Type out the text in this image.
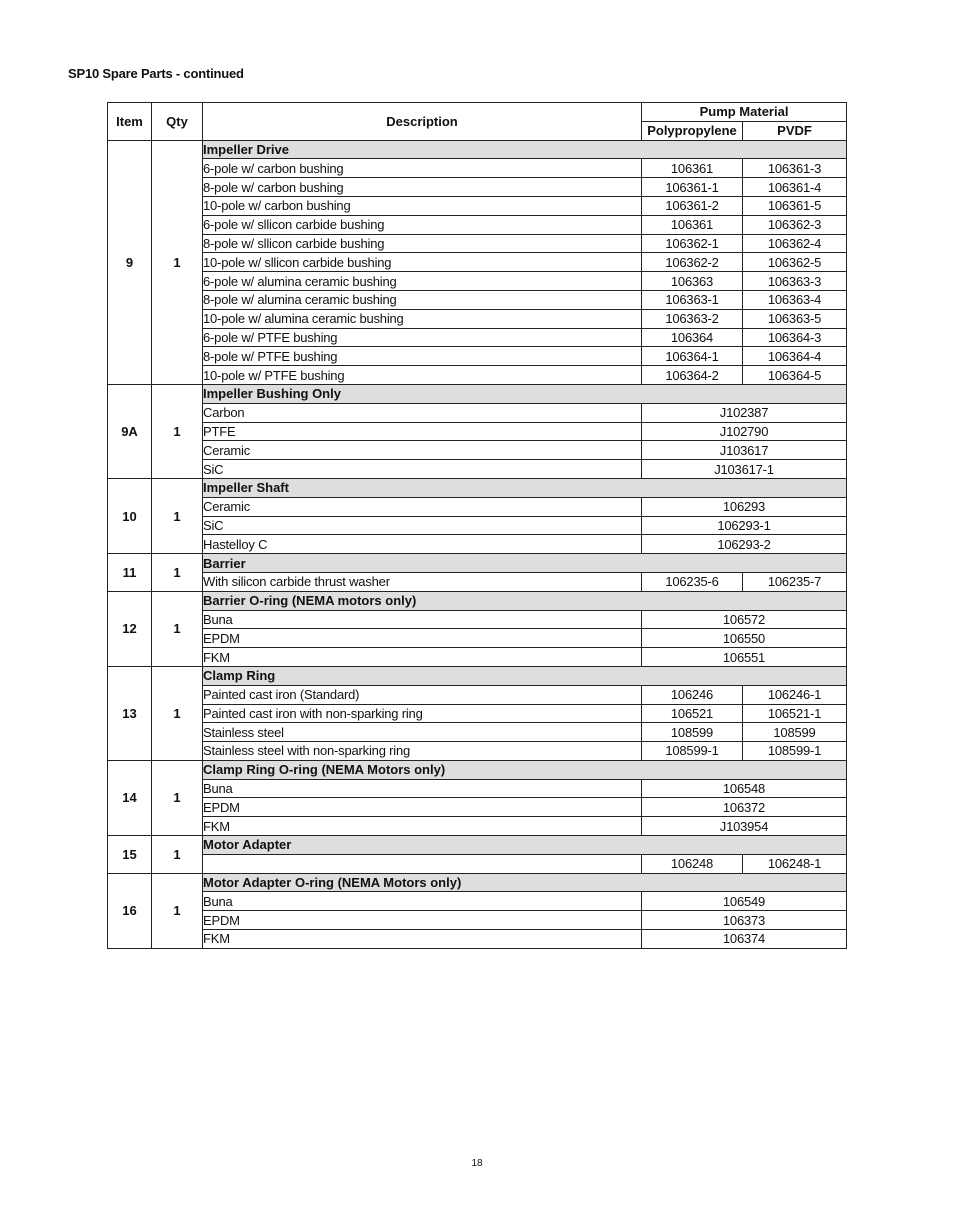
SP10 Spare Parts - continued
Item	Qty	Description	Pump Material	
			Polypropylene	PVDF
9	1	Impeller Drive		
		6-pole w/ carbon bushing	106361	106361-3
		8-pole w/ carbon bushing	106361-1	106361-4
		10-pole w/ carbon bushing	106361-2	106361-5
		6-pole w/ sllicon carbide bushing	106361	106362-3
		8-pole w/ sllicon carbide bushing	106362-1	106362-4
		10-pole w/ sllicon carbide bushing	106362-2	106362-5
		6-pole w/ alumina ceramic bushing	106363	106363-3
		8-pole w/ alumina ceramic bushing	106363-1	106363-4
		10-pole w/ alumina ceramic bushing	106363-2	106363-5
		6-pole w/ PTFE bushing	106364	106364-3
		8-pole w/ PTFE bushing	106364-1	106364-4
		10-pole w/ PTFE bushing	106364-2	106364-5
9A	1	Impeller Bushing Only		
		Carbon	J102387	
		PTFE	J102790	
		Ceramic	J103617	
		SiC	J103617-1	
10	1	Impeller Shaft		
		Ceramic	106293	
		SiC	106293-1	
		Hastelloy C	106293-2	
11	1	Barrier		
		With silicon carbide thrust washer	106235-6	106235-7
12	1	Barrier O-ring (NEMA motors only)		
		Buna	106572	
		EPDM	106550	
		FKM	106551	
13	1	Clamp Ring		
		Painted cast iron (Standard)	106246	106246-1
		Painted cast iron with non-sparking ring	106521	106521-1
		Stainless steel	108599	108599
		Stainless steel with non-sparking ring	108599-1	108599-1
14	1	Clamp Ring O-ring (NEMA Motors only)		
		Buna	106548	
		EPDM	106372	
		FKM	J103954	
15	1	Motor Adapter		
			106248	106248-1
16	1	Motor Adapter O-ring (NEMA Motors only)		
		Buna	106549	
		EPDM	106373	
		FKM	106374	
18
